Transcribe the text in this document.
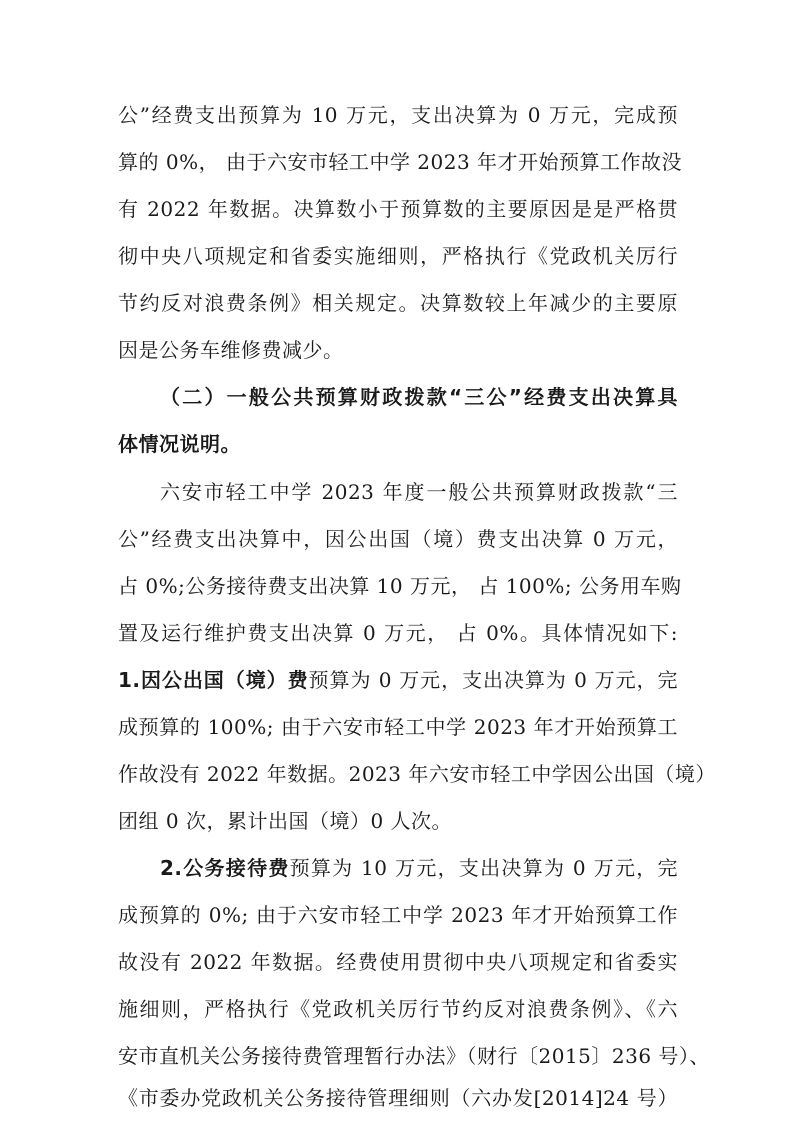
公”经费支出预算为 10 万元，支出决算为 0 万元，完成预
算的 0%， 由于六安市轻工中学 2023 年才开始预算工作故没
有 2022 年数据。决算数小于预算数的主要原因是是严格贯
彻中央八项规定和省委实施细则，严格执行《党政机关厉行
节约反对浪费条例》相关规定。决算数较上年减少的主要原
因是公务车维修费减少。
（二）一般公共预算财政拨款“三公”经费支出决算具
体情况说明。
六安市轻工中学 2023 年度一般公共预算财政拨款“三
公”经费支出决算中，因公出国（境）费支出决算 0 万元，
占 0%;公务接待费支出决算 10 万元， 占 100%; 公务用车购
置及运行维护费支出决算 0 万元， 占 0%。具体情况如下:
1.因公出国（境）费预算为 0 万元，支出决算为 0 万元，完
成预算的 100%; 由于六安市轻工中学 2023 年才开始预算工
作故没有 2022 年数据。2023 年六安市轻工中学因公出国（境）
团组 0 次，累计出国（境）0 人次。
2.公务接待费预算为 10 万元，支出决算为 0 万元，完
成预算的 0%; 由于六安市轻工中学 2023 年才开始预算工作
故没有 2022 年数据。经费使用贯彻中央八项规定和省委实
施细则，严格执行《党政机关厉行节约反对浪费条例》、《六
安市直机关公务接待费管理暂行办法》（财行〔2015〕236 号）、
《市委办党政机关公务接待管理细则（六办发[2014]24 号）
